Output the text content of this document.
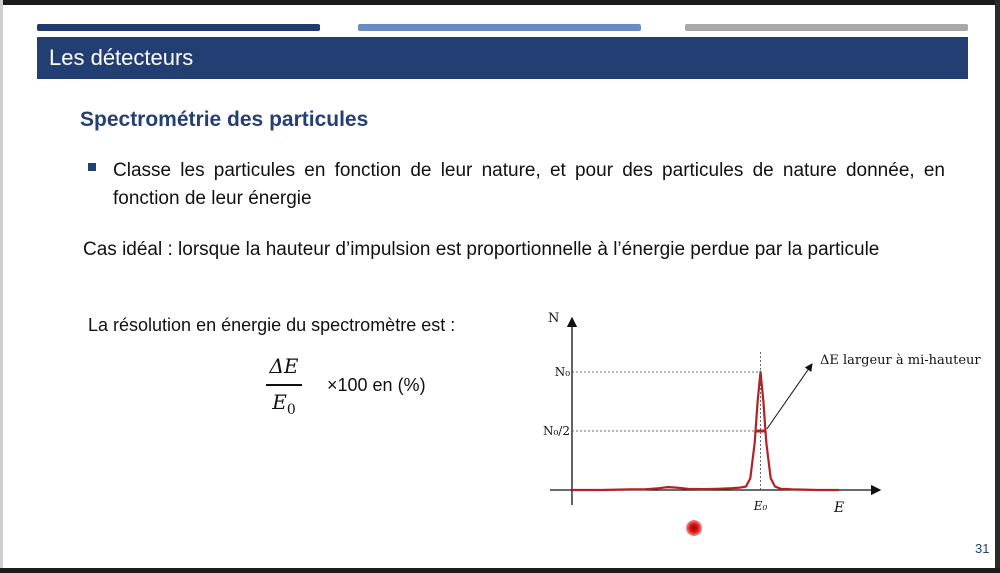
Les détecteurs
Spectrométrie des particules
Classe les particules en fonction de leur nature, et pour des particules de nature donnée, en fonction de leur énergie
Cas idéal : lorsque la hauteur d’impulsion est proportionnelle à l’énergie perdue par la particule
La résolution en énergie du spectromètre est :
ΔE
$E_0$
×100 en (%)
N
E
N₀
N₀/2
E₀
ΔE largeur à mi-hauteur
31
